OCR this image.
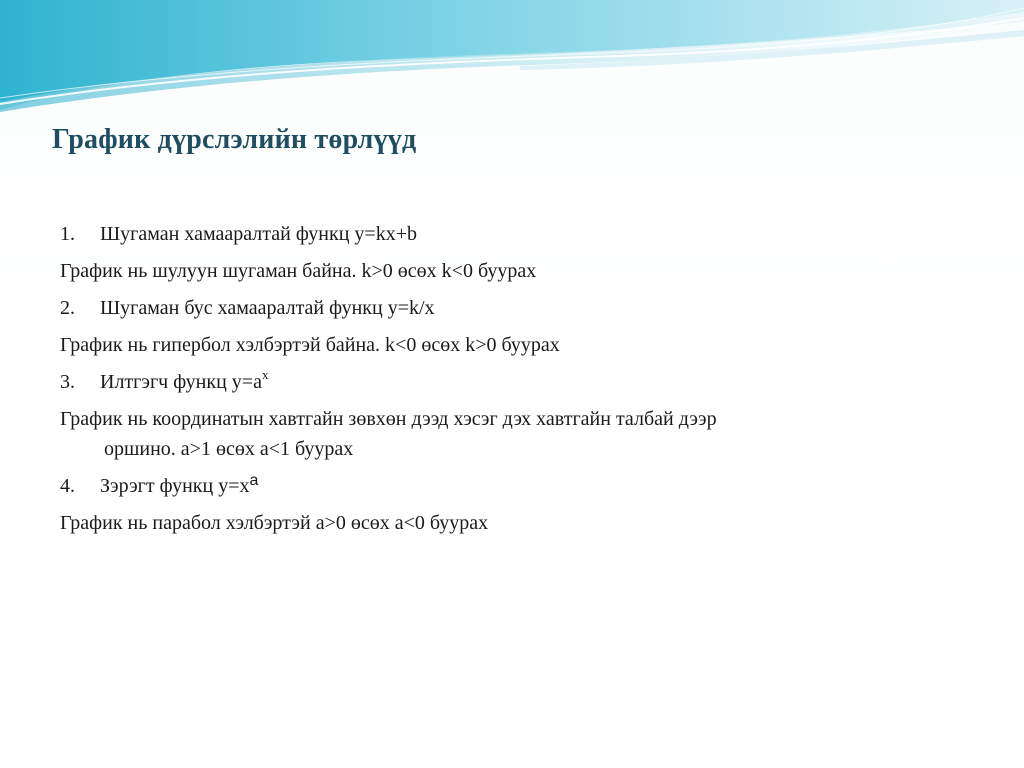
График дүрслэлийн төрлүүд

1. Шугаман хамааралтай функц y=kx+b

График нь шулуун шугаман байна. k>0 өсөх k<0 буурах

2. Шугаман бус хамааралтай функц y=k/x

График нь гипербол хэлбэртэй байна. k<0 өсөх k>0 буурах

3. Илтгэгч функц $y=a^x$

График нь координатын хавтгайн зөвхөн дээд хэсэг дэх хавтгайн талбай дээр

оршино. a>1 өсөх a<1 буурах

4. Зэрэгт функц $y=x^a$

График нь парабол хэлбэртэй a>0 өсөх a<0 буурах
